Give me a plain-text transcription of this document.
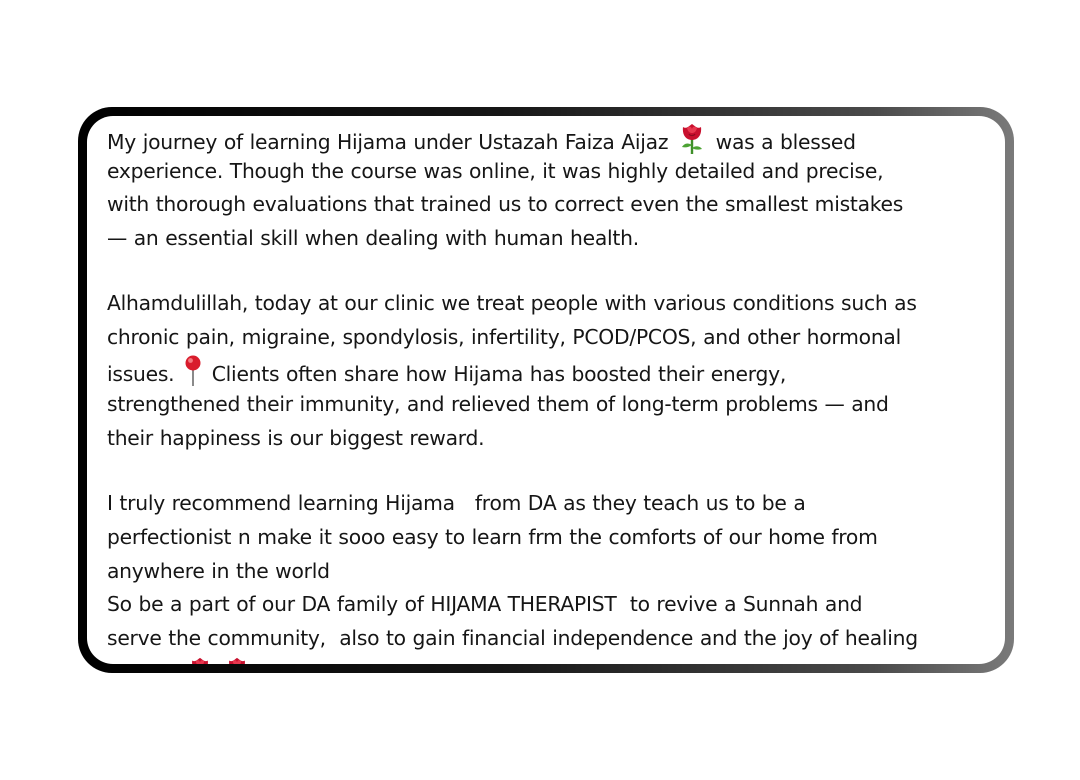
My journey of learning Hijama under Ustazah Faiza Aijaz  was a blessed
experience. Though the course was online, it was highly detailed and precise,
with thorough evaluations that trained us to correct even the smallest mistakes
— an essential skill when dealing with human health.
Alhamdulillah, today at our clinic we treat people with various conditions such as
chronic pain, migraine, spondylosis, infertility, PCOD/PCOS, and other hormonal
issues.  Clients often share how Hijama has boosted their energy,
strengthened their immunity, and relieved them of long-term problems — and
their happiness is our biggest reward.
I truly recommend learning Hijama   from DA as they teach us to be a
perfectionist n make it sooo easy to learn frm the comforts of our home from
anywhere in the world
So be a part of our DA family of HIJAMA THERAPIST  to revive a Sunnah and
serve the community,  also to gain financial independence and the joy of healing
